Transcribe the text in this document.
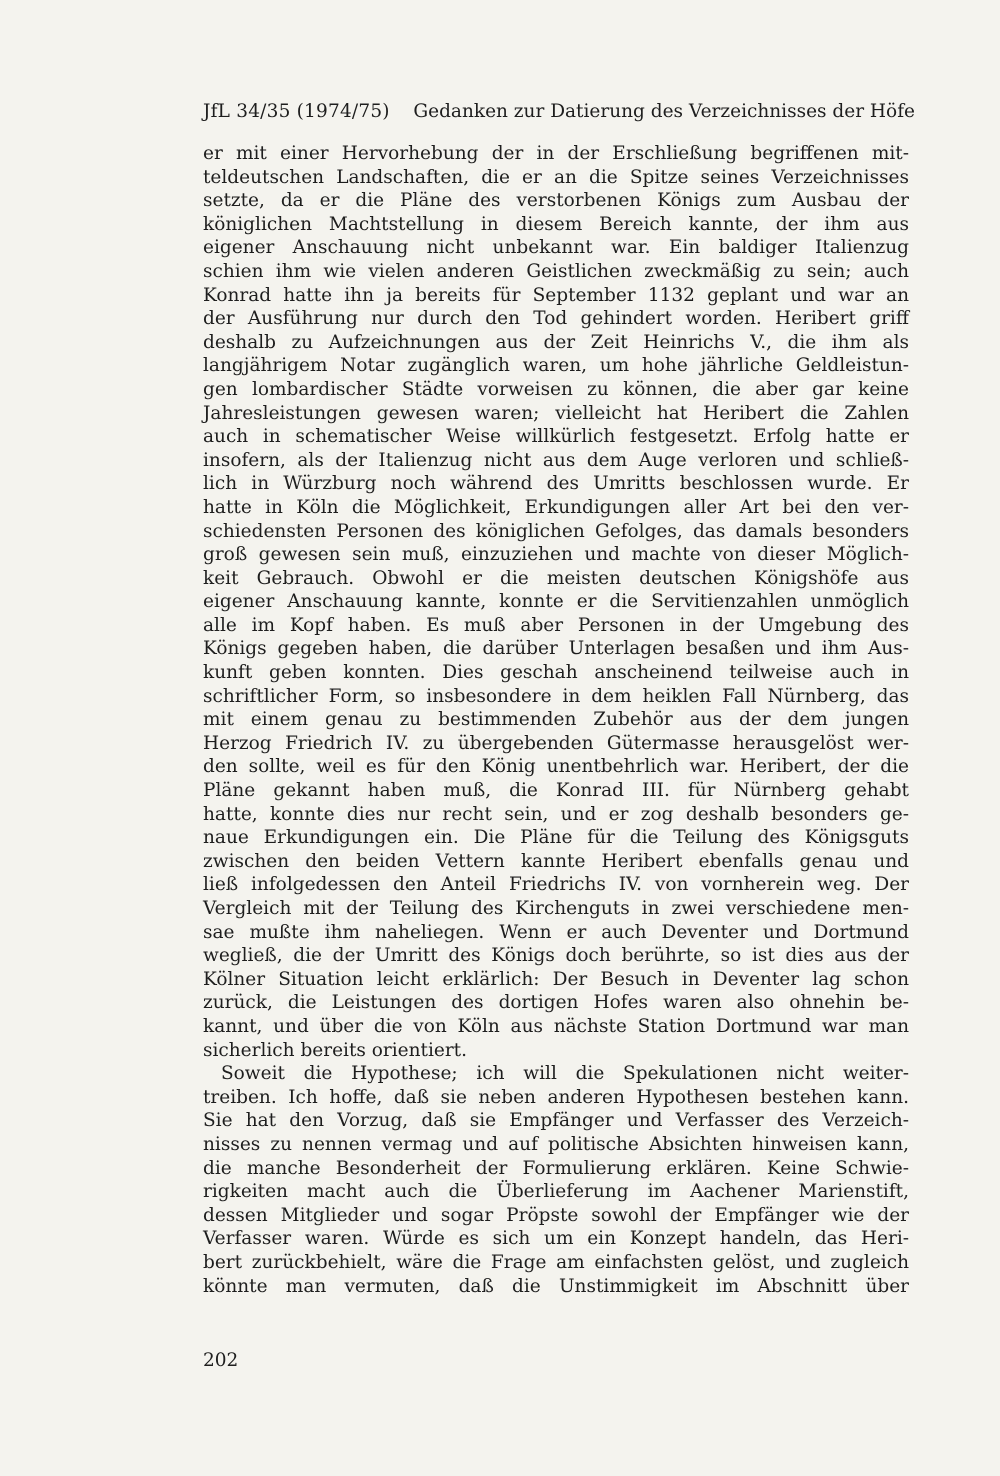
JfL 34/35 (1974/75) Gedanken zur Datierung des Verzeichnisses der Höfe
er mit einer Hervorhebung der in der Erschließung begriffenen mit-
teldeutschen Landschaften, die er an die Spitze seines Verzeichnisses
setzte, da er die Pläne des verstorbenen Königs zum Ausbau der
königlichen Machtstellung in diesem Bereich kannte, der ihm aus
eigener Anschauung nicht unbekannt war. Ein baldiger Italienzug
schien ihm wie vielen anderen Geistlichen zweckmäßig zu sein; auch
Konrad hatte ihn ja bereits für September 1132 geplant und war an
der Ausführung nur durch den Tod gehindert worden. Heribert griff
deshalb zu Aufzeichnungen aus der Zeit Heinrichs V., die ihm als
langjährigem Notar zugänglich waren, um hohe jährliche Geldleistun-
gen lombardischer Städte vorweisen zu können, die aber gar keine
Jahresleistungen gewesen waren; vielleicht hat Heribert die Zahlen
auch in schematischer Weise willkürlich festgesetzt. Erfolg hatte er
insofern, als der Italienzug nicht aus dem Auge verloren und schließ-
lich in Würzburg noch während des Umritts beschlossen wurde. Er
hatte in Köln die Möglichkeit, Erkundigungen aller Art bei den ver-
schiedensten Personen des königlichen Gefolges, das damals besonders
groß gewesen sein muß, einzuziehen und machte von dieser Möglich-
keit Gebrauch. Obwohl er die meisten deutschen Königshöfe aus
eigener Anschauung kannte, konnte er die Servitienzahlen unmöglich
alle im Kopf haben. Es muß aber Personen in der Umgebung des
Königs gegeben haben, die darüber Unterlagen besaßen und ihm Aus-
kunft geben konnten. Dies geschah anscheinend teilweise auch in
schriftlicher Form, so insbesondere in dem heiklen Fall Nürnberg, das
mit einem genau zu bestimmenden Zubehör aus der dem jungen
Herzog Friedrich IV. zu übergebenden Gütermasse herausgelöst wer-
den sollte, weil es für den König unentbehrlich war. Heribert, der die
Pläne gekannt haben muß, die Konrad III. für Nürnberg gehabt
hatte, konnte dies nur recht sein, und er zog deshalb besonders ge-
naue Erkundigungen ein. Die Pläne für die Teilung des Königsguts
zwischen den beiden Vettern kannte Heribert ebenfalls genau und
ließ infolgedessen den Anteil Friedrichs IV. von vornherein weg. Der
Vergleich mit der Teilung des Kirchenguts in zwei verschiedene men-
sae mußte ihm naheliegen. Wenn er auch Deventer und Dortmund
wegließ, die der Umritt des Königs doch berührte, so ist dies aus der
Kölner Situation leicht erklärlich: Der Besuch in Deventer lag schon
zurück, die Leistungen des dortigen Hofes waren also ohnehin be-
kannt, und über die von Köln aus nächste Station Dortmund war man
sicherlich bereits orientiert.
Soweit die Hypothese; ich will die Spekulationen nicht weiter-
treiben. Ich hoffe, daß sie neben anderen Hypothesen bestehen kann.
Sie hat den Vorzug, daß sie Empfänger und Verfasser des Verzeich-
nisses zu nennen vermag und auf politische Absichten hinweisen kann,
die manche Besonderheit der Formulierung erklären. Keine Schwie-
rigkeiten macht auch die Überlieferung im Aachener Marienstift,
dessen Mitglieder und sogar Pröpste sowohl der Empfänger wie der
Verfasser waren. Würde es sich um ein Konzept handeln, das Heri-
bert zurückbehielt, wäre die Frage am einfachsten gelöst, und zugleich
könnte man vermuten, daß die Unstimmigkeit im Abschnitt über
202
